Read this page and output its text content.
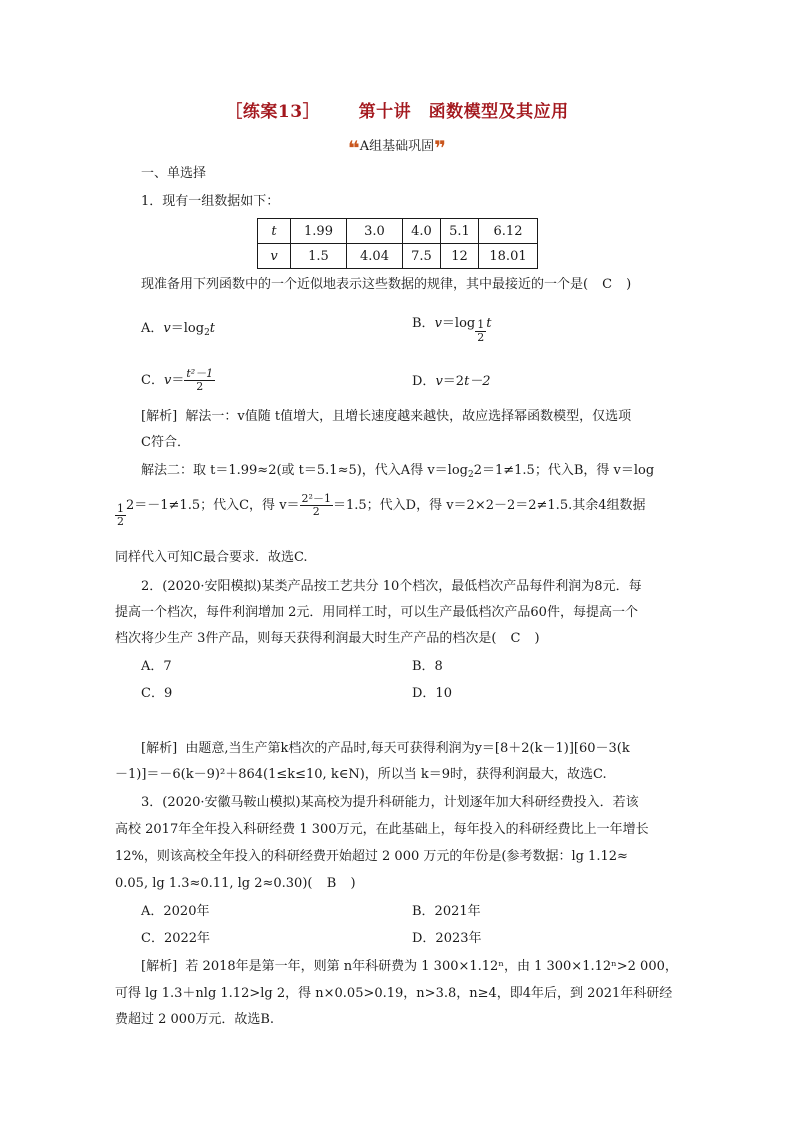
［练案13］ 第十讲　函数模型及其应用
❝A组基础巩固❞
一、单选择
1．现有一组数据如下：
t	1.99	3.0	4.0	5.1	6.12
v	1.5	4.04	7.5	12	18.01
现准备用下列函数中的一个近似地表示这些数据的规律，其中最接近的一个是( C )
A．$v=\log_2t$	B．$v=\log \frac{1}{2}$ t
C．$v= \frac{\text{t²－1}}{2}$	D．v＝2t－2
[解析] 解法一：v值随 t值增大，且增长速度越来越快，故应选择幂函数模型，仅选项
C符合．
解法二：取 t＝1.99≈2(或 t＝5.1≈5)，代入A得 $v=\log_22=1\ne 1.5$；代入B，得 v＝log
$\frac{1}{2} 2=-1\ne 1.5$；代入C，得 $v= \frac{\text{2²－1}}{2} =1.5$；代入D，得 v＝2×2－2＝2≠1.5.其余4组数据
同样代入可知C最合要求．故选C.
2．(2020·安阳模拟)某类产品按工艺共分 10个档次，最低档次产品每件利润为8元．每
提高一个档次，每件利润增加 2元．用同样工时，可以生产最低档次产品60件，每提高一个
档次将少生产 3件产品，则每天获得利润最大时生产产品的档次是( C )
A．7	B．8
C．9	D．10
[解析] 由题意,当生产第k档次的产品时,每天可获得利润为y＝[8＋2(k－1)][60－3(k
－1)]＝－6(k－9)²＋864(1≤k≤10, k∈N)，所以当 k＝9时，获得利润最大，故选C.
3．(2020·安徽马鞍山模拟)某高校为提升科研能力，计划逐年加大科研经费投入．若该
高校 2017年全年投入科研经费 1 300万元，在此基础上，每年投入的科研经费比上一年增长
12%，则该高校全年投入的科研经费开始超过 2 000 万元的年份是(参考数据：lg 1.12≈
0.05, lg 1.3≈0.11, lg 2≈0.30)( B )
A．2020年	B．2021年
C．2022年	D．2023年
[解析] 若 2018年是第一年，则第 n年科研费为 1 300×1.12ⁿ，由 1 300×1.12ⁿ>2 000，
可得 lg 1.3＋nlg 1.12>lg 2，得 n×0.05>0.19，n>3.8，n≥4，即4年后，到 2021年科研经
费超过 2 000万元．故选B.
